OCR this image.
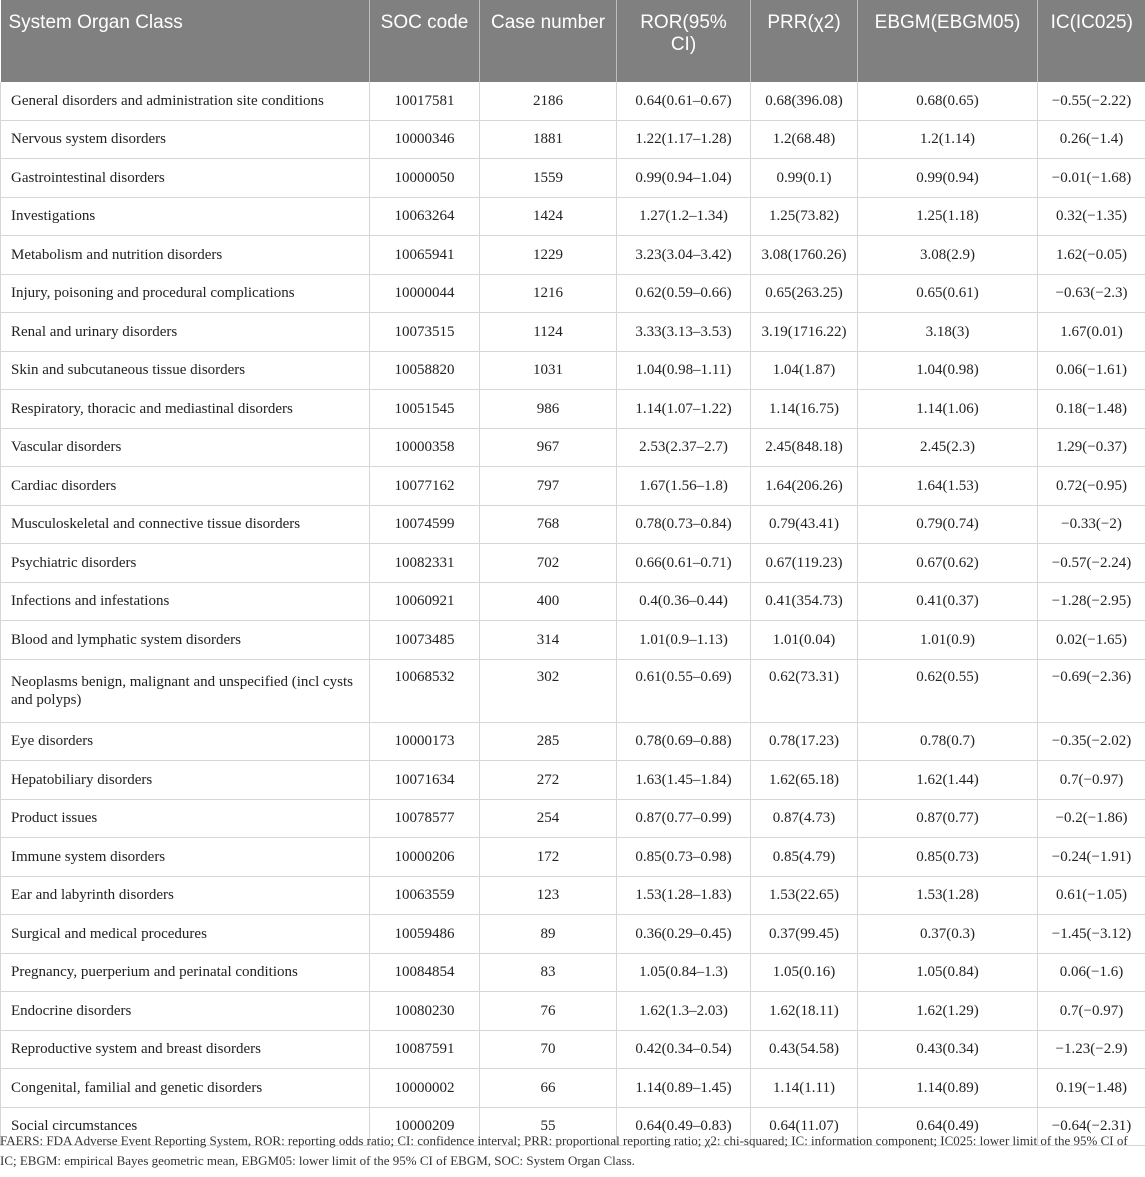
System Organ Class	SOC code	Case number	ROR(95% CI)	PRR(χ2)	EBGM(EBGM05)	IC(IC025)
General disorders and administration site conditions	10017581	2186	0.64(0.61–0.67)	0.68(396.08)	0.68(0.65)	−0.55(−2.22)
Nervous system disorders	10000346	1881	1.22(1.17–1.28)	1.2(68.48)	1.2(1.14)	0.26(−1.4)
Gastrointestinal disorders	10000050	1559	0.99(0.94–1.04)	0.99(0.1)	0.99(0.94)	−0.01(−1.68)
Investigations	10063264	1424	1.27(1.2–1.34)	1.25(73.82)	1.25(1.18)	0.32(−1.35)
Metabolism and nutrition disorders	10065941	1229	3.23(3.04–3.42)	3.08(1760.26)	3.08(2.9)	1.62(−0.05)
Injury, poisoning and procedural complications	10000044	1216	0.62(0.59–0.66)	0.65(263.25)	0.65(0.61)	−0.63(−2.3)
Renal and urinary disorders	10073515	1124	3.33(3.13–3.53)	3.19(1716.22)	3.18(3)	1.67(0.01)
Skin and subcutaneous tissue disorders	10058820	1031	1.04(0.98–1.11)	1.04(1.87)	1.04(0.98)	0.06(−1.61)
Respiratory, thoracic and mediastinal disorders	10051545	986	1.14(1.07–1.22)	1.14(16.75)	1.14(1.06)	0.18(−1.48)
Vascular disorders	10000358	967	2.53(2.37–2.7)	2.45(848.18)	2.45(2.3)	1.29(−0.37)
Cardiac disorders	10077162	797	1.67(1.56–1.8)	1.64(206.26)	1.64(1.53)	0.72(−0.95)
Musculoskeletal and connective tissue disorders	10074599	768	0.78(0.73–0.84)	0.79(43.41)	0.79(0.74)	−0.33(−2)
Psychiatric disorders	10082331	702	0.66(0.61–0.71)	0.67(119.23)	0.67(0.62)	−0.57(−2.24)
Infections and infestations	10060921	400	0.4(0.36–0.44)	0.41(354.73)	0.41(0.37)	−1.28(−2.95)
Blood and lymphatic system disorders	10073485	314	1.01(0.9–1.13)	1.01(0.04)	1.01(0.9)	0.02(−1.65)
Neoplasms benign, malignant and unspecified (incl cysts and polyps)	10068532	302	0.61(0.55–0.69)	0.62(73.31)	0.62(0.55)	−0.69(−2.36)
Eye disorders	10000173	285	0.78(0.69–0.88)	0.78(17.23)	0.78(0.7)	−0.35(−2.02)
Hepatobiliary disorders	10071634	272	1.63(1.45–1.84)	1.62(65.18)	1.62(1.44)	0.7(−0.97)
Product issues	10078577	254	0.87(0.77–0.99)	0.87(4.73)	0.87(0.77)	−0.2(−1.86)
Immune system disorders	10000206	172	0.85(0.73–0.98)	0.85(4.79)	0.85(0.73)	−0.24(−1.91)
Ear and labyrinth disorders	10063559	123	1.53(1.28–1.83)	1.53(22.65)	1.53(1.28)	0.61(−1.05)
Surgical and medical procedures	10059486	89	0.36(0.29–0.45)	0.37(99.45)	0.37(0.3)	−1.45(−3.12)
Pregnancy, puerperium and perinatal conditions	10084854	83	1.05(0.84–1.3)	1.05(0.16)	1.05(0.84)	0.06(−1.6)
Endocrine disorders	10080230	76	1.62(1.3–2.03)	1.62(18.11)	1.62(1.29)	0.7(−0.97)
Reproductive system and breast disorders	10087591	70	0.42(0.34–0.54)	0.43(54.58)	0.43(0.34)	−1.23(−2.9)
Congenital, familial and genetic disorders	10000002	66	1.14(0.89–1.45)	1.14(1.11)	1.14(0.89)	0.19(−1.48)
Social circumstances	10000209	55	0.64(0.49–0.83)	0.64(11.07)	0.64(0.49)	−0.64(−2.31)
FAERS: FDA Adverse Event Reporting System, ROR: reporting odds ratio; CI: confidence interval; PRR: proportional reporting ratio; χ2: chi-squared; IC: information component; IC025: lower limit of the 95% CI of IC; EBGM: empirical Bayes geometric mean, EBGM05: lower limit of the 95% CI of EBGM, SOC: System Organ Class.
